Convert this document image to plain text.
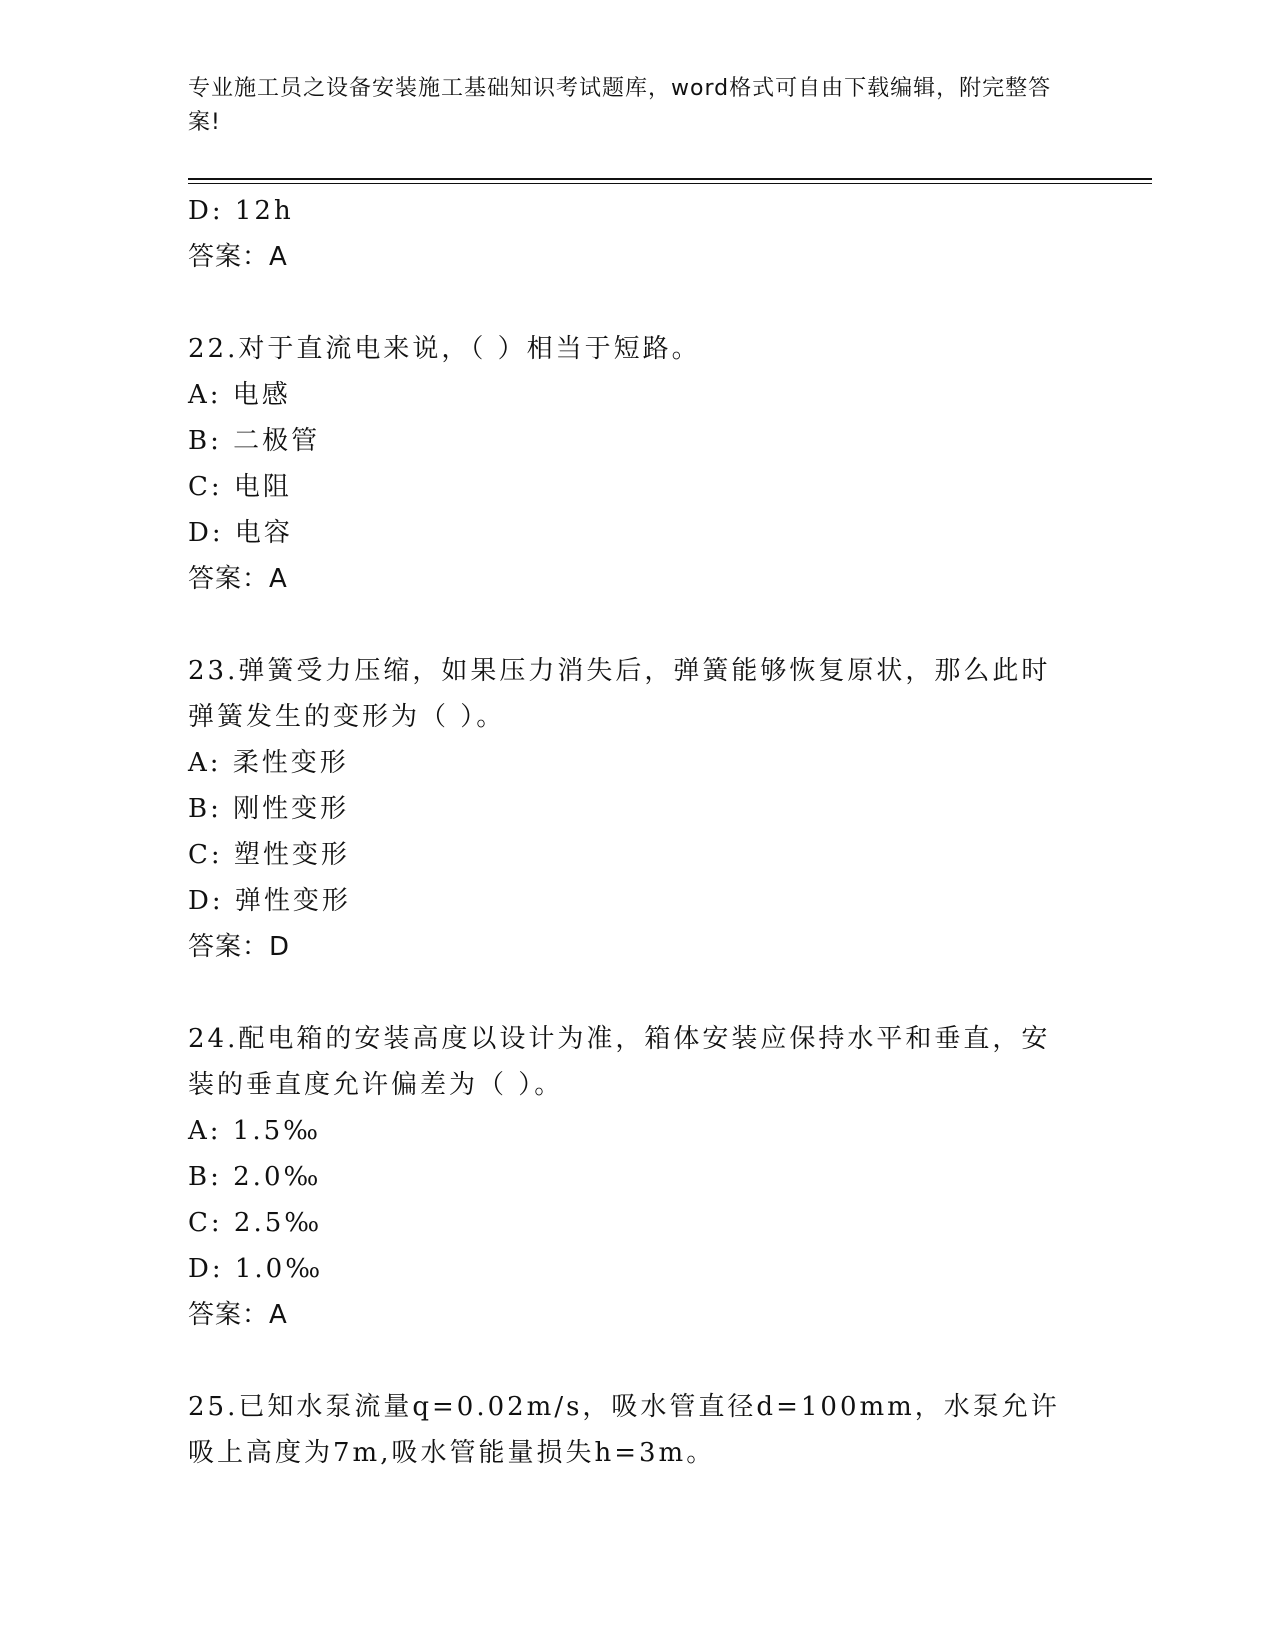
专业施工员之设备安装施工基础知识考试题库，word格式可自由下载编辑，附完整答案!
D: 12h
答案：A
22.对于直流电来说，（ ）相当于短路。
A: 电感
B: 二极管
C: 电阻
D: 电容
答案：A
23.弹簧受力压缩，如果压力消失后，弹簧能够恢复原状，那么此时弹簧发生的变形为（ ）。
A: 柔性变形
B: 刚性变形
C: 塑性变形
D: 弹性变形
答案：D
24.配电箱的安装高度以设计为准，箱体安装应保持水平和垂直，安装的垂直度允许偏差为（ ）。
A: 1.5‰
B: 2.0‰
C: 2.5‰
D: 1.0‰
答案：A
25.已知水泵流量q=0.02m/s，吸水管直径d=100mm，水泵允许吸上高度为7m,吸水管能量损失h=3m。
